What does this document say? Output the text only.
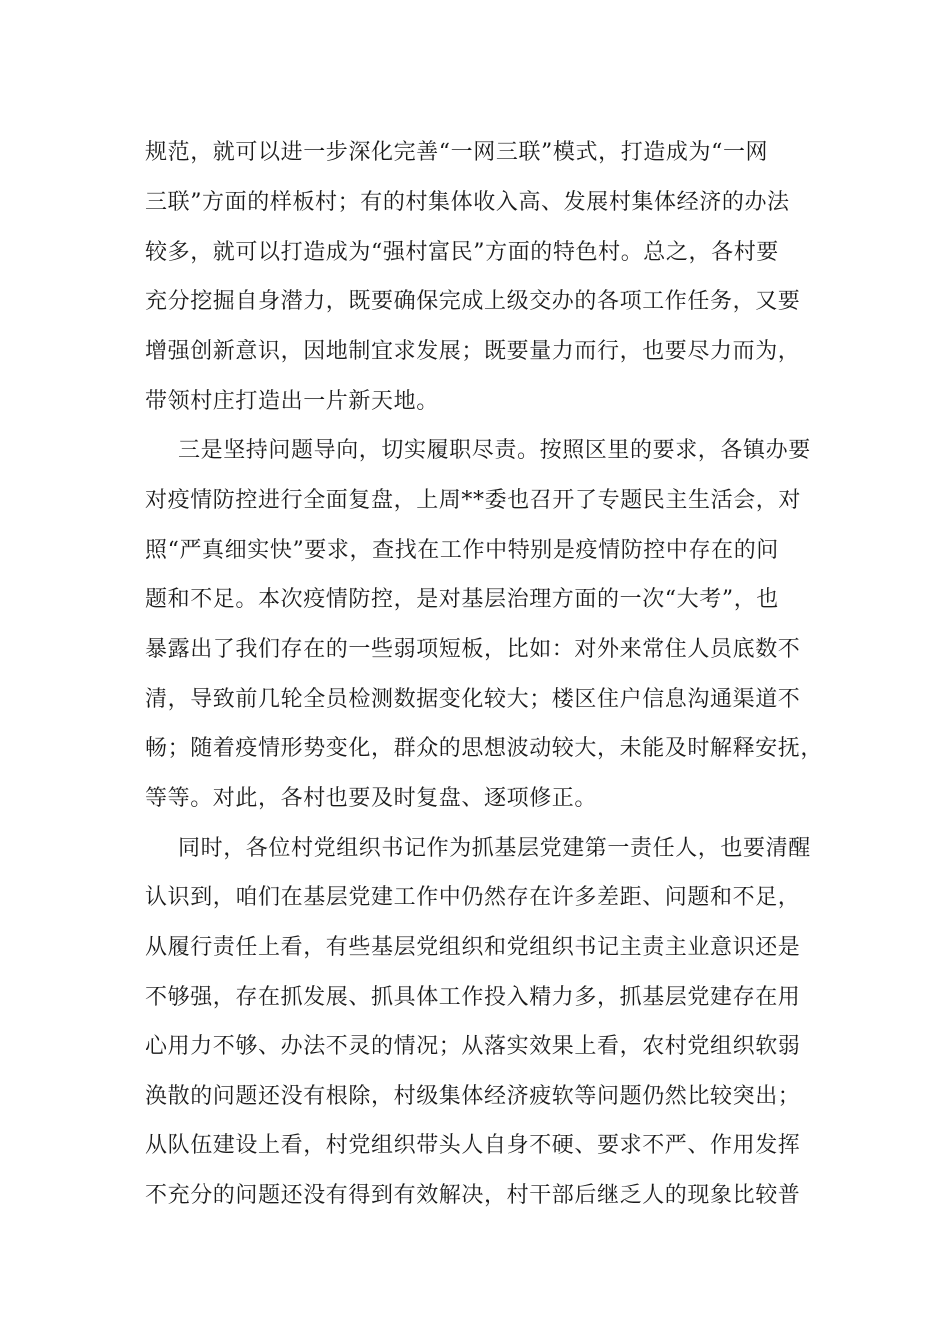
规范，就可以进一步深化完善“一网三联”模式，打造成为“一网
三联”方面的样板村；有的村集体收入高、发展村集体经济的办法
较多，就可以打造成为“强村富民”方面的特色村。总之，各村要
充分挖掘自身潜力，既要确保完成上级交办的各项工作任务，又要
增强创新意识，因地制宜求发展；既要量力而行，也要尽力而为，
带领村庄打造出一片新天地。
三是坚持问题导向，切实履职尽责。按照区里的要求，各镇办要
对疫情防控进行全面复盘，上周**委也召开了专题民主生活会，对
照“严真细实快”要求，查找在工作中特别是疫情防控中存在的问
题和不足。本次疫情防控，是对基层治理方面的一次“大考”，也
暴露出了我们存在的一些弱项短板，比如：对外来常住人员底数不
清，导致前几轮全员检测数据变化较大；楼区住户信息沟通渠道不
畅；随着疫情形势变化，群众的思想波动较大，未能及时解释安抚，
等等。对此，各村也要及时复盘、逐项修正。
同时，各位村党组织书记作为抓基层党建第一责任人，也要清醒
认识到，咱们在基层党建工作中仍然存在许多差距、问题和不足，
从履行责任上看，有些基层党组织和党组织书记主责主业意识还是
不够强，存在抓发展、抓具体工作投入精力多，抓基层党建存在用
心用力不够、办法不灵的情况；从落实效果上看，农村党组织软弱
涣散的问题还没有根除，村级集体经济疲软等问题仍然比较突出；
从队伍建设上看，村党组织带头人自身不硬、要求不严、作用发挥
不充分的问题还没有得到有效解决，村干部后继乏人的现象比较普
